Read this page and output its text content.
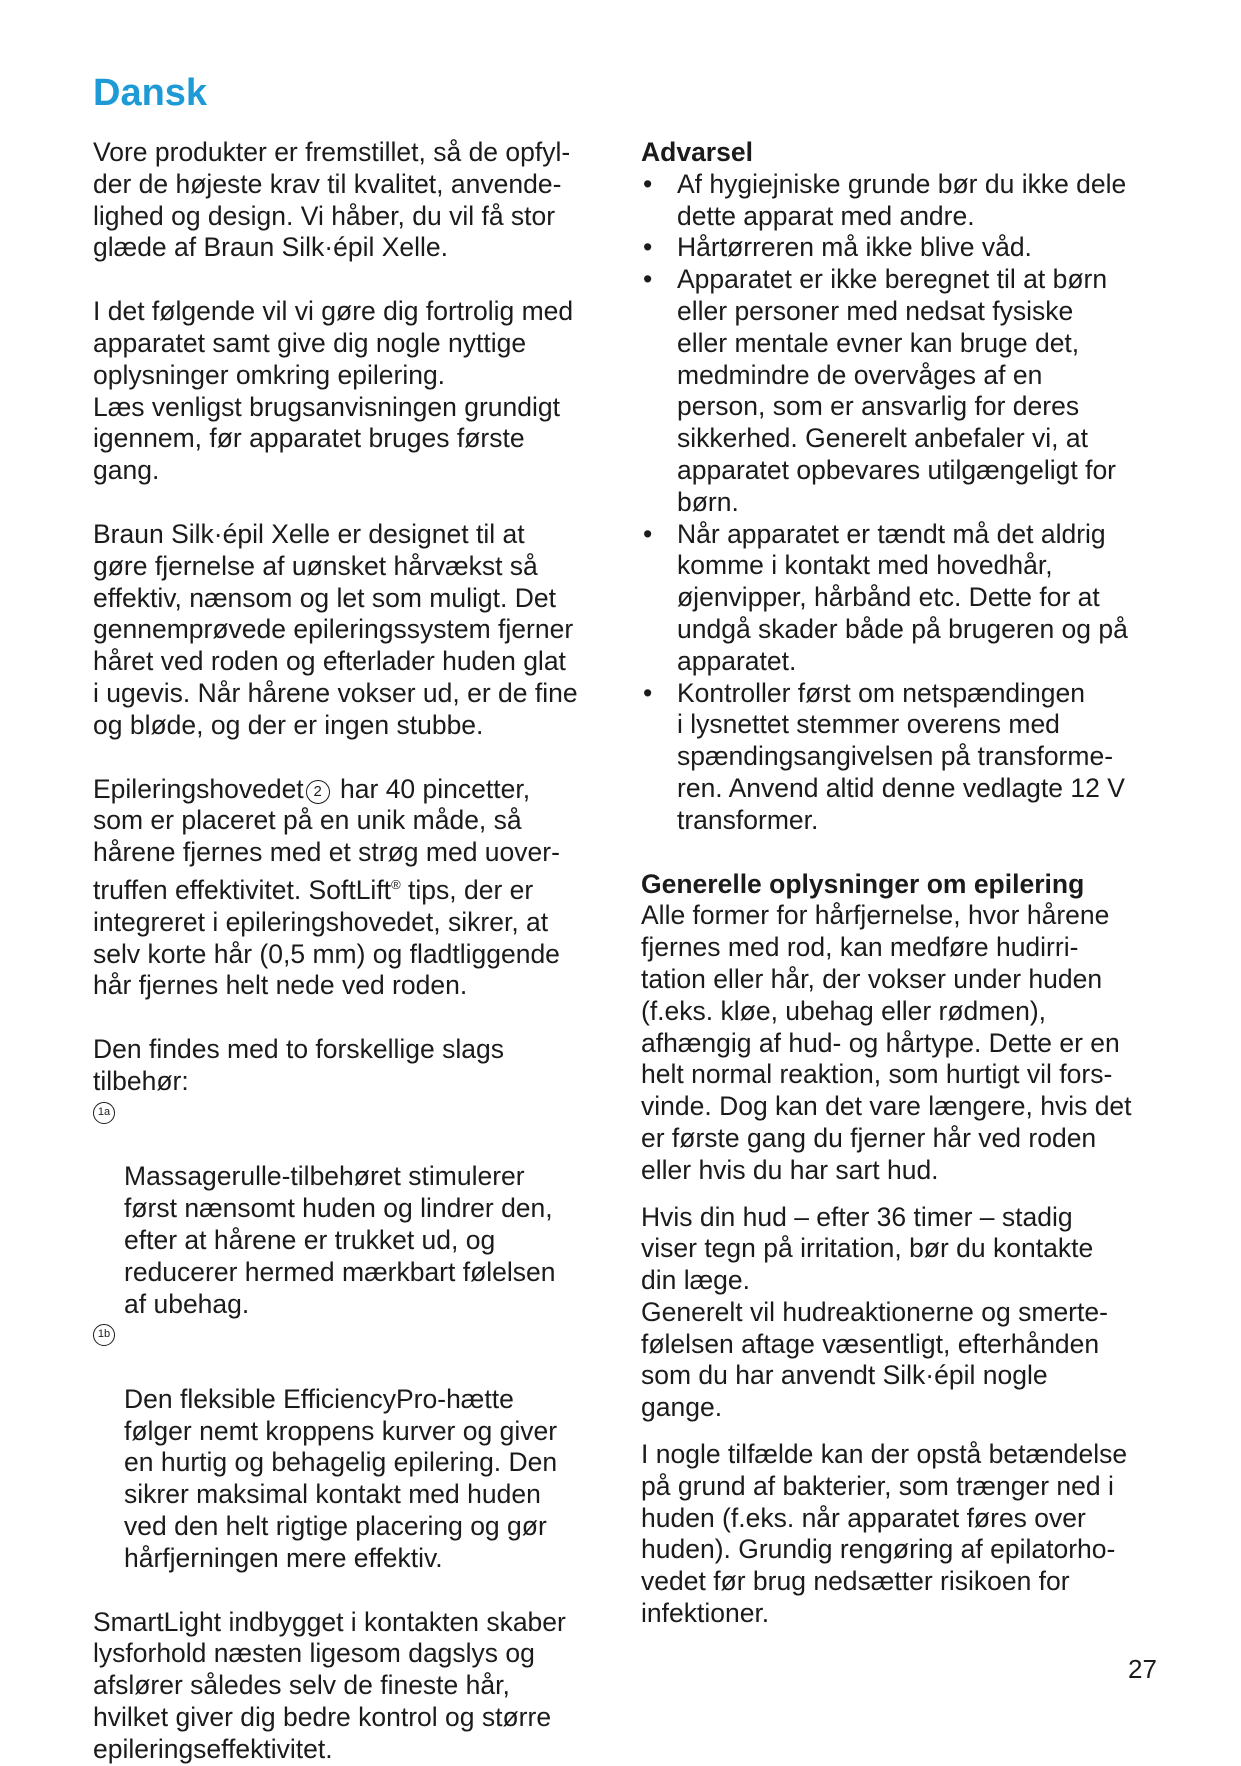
Dansk

Vore produkter er fremstillet, så de opfyl-
der de højeste krav til kvalitet, anvende-
lighed og design. Vi håber, du vil få stor
glæde af Braun Silk·épil Xelle.

I det følgende vil vi gøre dig fortrolig med
apparatet samt give dig nogle nyttige
oplysninger omkring epilering.

Læs venligst brugsanvisningen grundigt
igennem, før apparatet bruges første
gang.

Braun Silk·épil Xelle er designet til at
gøre fjernelse af uønsket hårvækst så
effektiv, nænsom og let som muligt. Det
gennemprøvede epileringssystem fjerner
håret ved roden og efterlader huden glat
i ugevis. Når hårene vokser ud, er de fine
og bløde, og der er ingen stubbe.

Epileringshovedet 2 har 40 pincetter,
som er placeret på en unik måde, så
hårene fjernes med et strøg med uover-
truffen effektivitet. SoftLift® tips, der er
integreret i epileringshovedet, sikrer, at
selv korte hår (0,5 mm) og fladtliggende
hår fjernes helt nede ved roden.

Den findes med to forskellige slags
tilbehør:

1a

Massagerulle-tilbehøret stimulerer
først nænsomt huden og lindrer den,
efter at hårene er trukket ud, og
reducerer hermed mærkbart følelsen
af ubehag.

1b

Den fleksible EfficiencyPro-hætte
følger nemt kroppens kurver og giver
en hurtig og behagelig epilering. Den
sikrer maksimal kontakt med huden
ved den helt rigtige placering og gør
hårfjerningen mere effektiv.

SmartLight indbygget i kontakten skaber
lysforhold næsten ligesom dagslys og
afslører således selv de fineste hår,
hvilket giver dig bedre kontrol og større
epileringseffektivitet.

Advarsel

• Af hygiejniske grunde bør du ikke dele
dette apparat med andre.
• Hårtørreren må ikke blive våd.
• Apparatet er ikke beregnet til at børn
eller personer med nedsat fysiske
eller mentale evner kan bruge det,
medmindre de overvåges af en
person, som er ansvarlig for deres
sikkerhed. Generelt anbefaler vi, at
apparatet opbevares utilgængeligt for
børn.
• Når apparatet er tændt må det aldrig
komme i kontakt med hovedhår,
øjenvipper, hårbånd etc. Dette for at
undgå skader både på brugeren og på
apparatet.
• Kontroller først om netspændingen
i lysnettet stemmer overens med
spændingsangivelsen på transforme-
ren. Anvend altid denne vedlagte 12 V
transformer.

Generelle oplysninger om epilering

Alle former for hårfjernelse, hvor hårene
fjernes med rod, kan medføre hudirri-
tation eller hår, der vokser under huden
(f.eks. kløe, ubehag eller rødmen),
afhængig af hud- og hårtype. Dette er en
helt normal reaktion, som hurtigt vil fors-
vinde. Dog kan det vare længere, hvis det
er første gang du fjerner hår ved roden
eller hvis du har sart hud.

Hvis din hud – efter 36 timer – stadig
viser tegn på irritation, bør du kontakte
din læge.

Generelt vil hudreaktionerne og smerte-
følelsen aftage væsentligt, efterhånden
som du har anvendt Silk·épil nogle
gange.

I nogle tilfælde kan der opstå betændelse
på grund af bakterier, som trænger ned i
huden (f.eks. når apparatet føres over
huden). Grundig rengøring af epilatorho-
vedet før brug nedsætter risikoen for
infektioner.

27
